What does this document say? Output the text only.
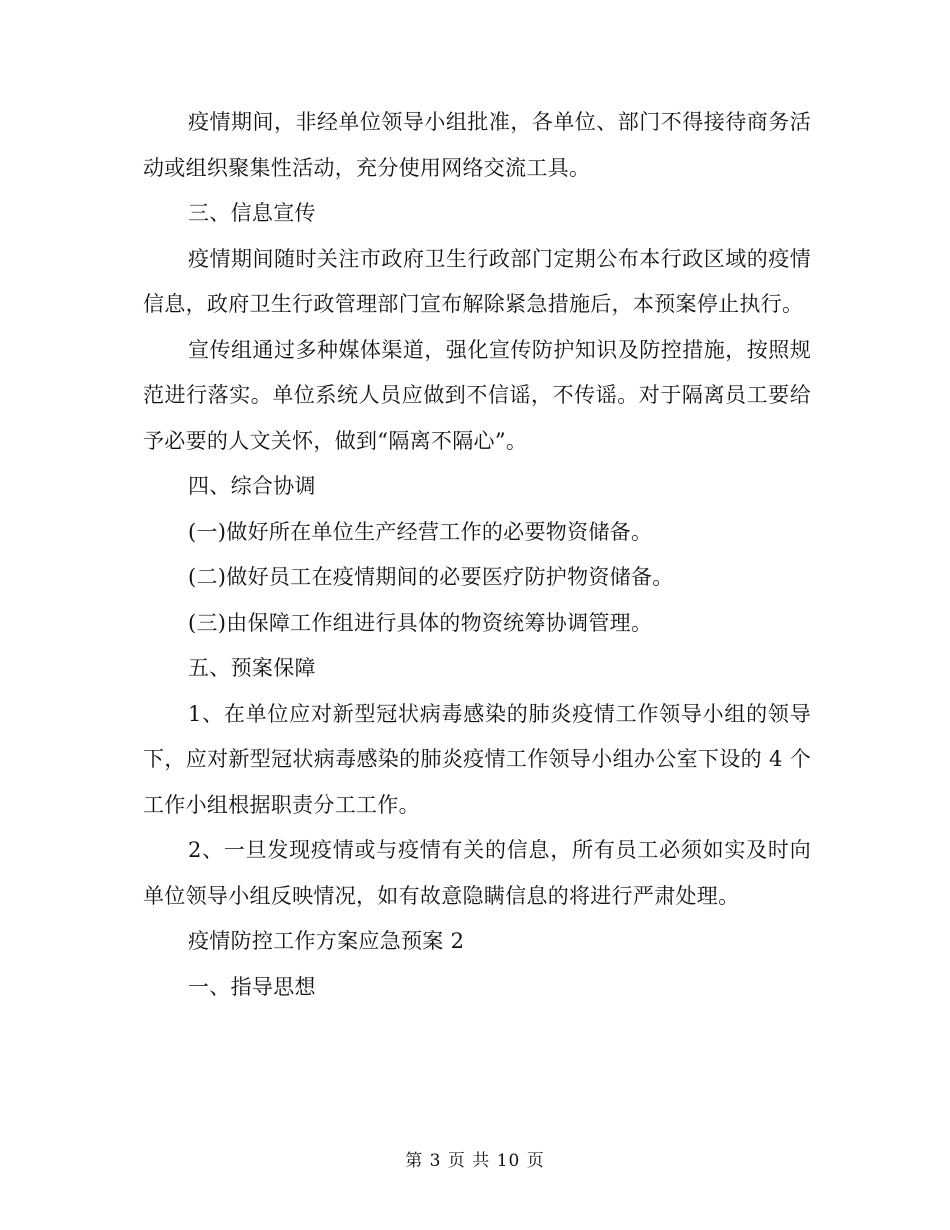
疫情期间，非经单位领导小组批准，各单位、部门不得接待商务活动或组织聚集性活动，充分使用网络交流工具。

三、信息宣传

疫情期间随时关注市政府卫生行政部门定期公布本行政区域的疫情信息，政府卫生行政管理部门宣布解除紧急措施后，本预案停止执行。

宣传组通过多种媒体渠道，强化宣传防护知识及防控措施，按照规范进行落实。单位系统人员应做到不信谣，不传谣。对于隔离员工要给予必要的人文关怀，做到“隔离不隔心”。

四、综合协调

(一)做好所在单位生产经营工作的必要物资储备。

(二)做好员工在疫情期间的必要医疗防护物资储备。

(三)由保障工作组进行具体的物资统筹协调管理。

五、预案保障

1、在单位应对新型冠状病毒感染的肺炎疫情工作领导小组的领导下，应对新型冠状病毒感染的肺炎疫情工作领导小组办公室下设的 4 个工作小组根据职责分工工作。

2、一旦发现疫情或与疫情有关的信息，所有员工必须如实及时向单位领导小组反映情况，如有故意隐瞒信息的将进行严肃处理。

疫情防控工作方案应急预案 2

一、指导思想

第 3 页 共 10 页
